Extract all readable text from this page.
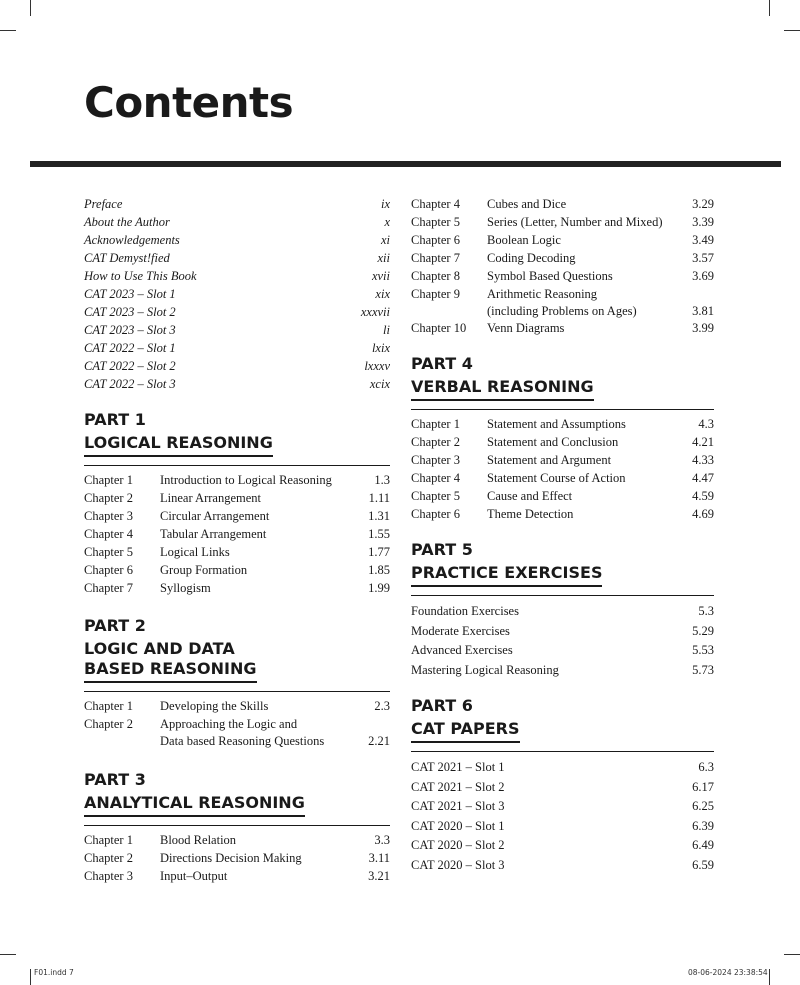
Contents
Preface	ix
About the Author	x
Acknowledgements	xi
CAT Demyst!fied	xii
How to Use This Book	xvii
CAT 2023 – Slot 1	xix
CAT 2023 – Slot 2	xxxvii
CAT 2023 – Slot 3	li
CAT 2022 – Slot 1	lxix
CAT 2022 – Slot 2	lxxxv
CAT 2022 – Slot 3	xcix
PART 1
LOGICAL REASONING
Chapter 1	Introduction to Logical Reasoning	1.3
Chapter 2	Linear Arrangement	1.11
Chapter 3	Circular Arrangement	1.31
Chapter 4	Tabular Arrangement	1.55
Chapter 5	Logical Links	1.77
Chapter 6	Group Formation	1.85
Chapter 7	Syllogism	1.99
PART 2
LOGIC AND DATA
BASED REASONING
Chapter 1	Developing the Skills	2.3
Chapter 2	Approaching the Logic and
Data based Reasoning Questions	2.21
PART 3
ANALYTICAL REASONING
Chapter 1	Blood Relation	3.3
Chapter 2	Directions Decision Making	3.11
Chapter 3	Input–Output	3.21
Chapter 4	Cubes and Dice	3.29
Chapter 5	Series (Letter, Number and Mixed)	3.39
Chapter 6	Boolean Logic	3.49
Chapter 7	Coding Decoding	3.57
Chapter 8	Symbol Based Questions	3.69
Chapter 9	Arithmetic Reasoning
(including Problems on Ages)	3.81
Chapter 10	Venn Diagrams	3.99
PART 4
VERBAL REASONING
Chapter 1	Statement and Assumptions	4.3
Chapter 2	Statement and Conclusion	4.21
Chapter 3	Statement and Argument	4.33
Chapter 4	Statement Course of Action	4.47
Chapter 5	Cause and Effect	4.59
Chapter 6	Theme Detection	4.69
PART 5
PRACTICE EXERCISES
Foundation Exercises	5.3
Moderate Exercises	5.29
Advanced Exercises	5.53
Mastering Logical Reasoning	5.73
PART 6
CAT PAPERS
CAT 2021 – Slot 1	6.3
CAT 2021 – Slot 2	6.17
CAT 2021 – Slot 3	6.25
CAT 2020 – Slot 1	6.39
CAT 2020 – Slot 2	6.49
CAT 2020 – Slot 3	6.59
F01.indd 7	08-06-2024 23:38:54
